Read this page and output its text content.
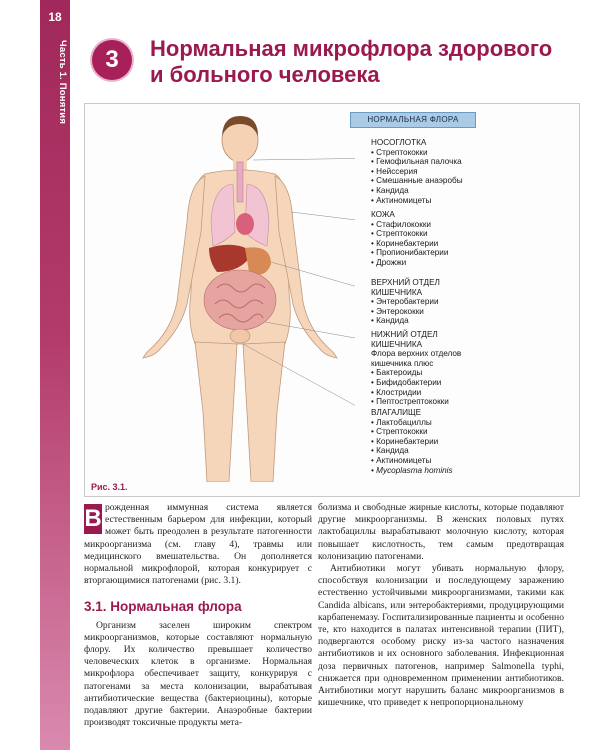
18
Часть 1. Понятия	3	Нормальная микрофлора здорового и больного человека
НОРМАЛЬНАЯ ФЛОРА
НОСОГЛОТКА
• Стрептококки
• Гемофильная палочка
• Нейссерия
• Смешанные анаэробы
• Кандида
• Актиномицеты
КОЖА
• Стафилококки
• Стрептококки
• Коринебактерии
• Пропионибактерии
• Дрожжи
ВЕРХНИЙ ОТДЕЛ КИШЕЧНИКА
• Энтеробактерии
• Энтерококки
• Кандида
НИЖНИЙ ОТДЕЛ КИШЕЧНИКА
Флора верхних отделов кишечника плюс
• Бактероиды
• Бифидобактерии
• Клостридии
• Пептострептококки
ВЛАГАЛИЩЕ
• Лактобациллы
• Стрептококки
• Коринебактерии
• Кандида
• Актиномицеты
• Mycoplasma hominis
Рис. 3.1.
В рожденная иммунная система является естественным барьером для инфекции, который может быть преодолен в результате патогенности микроорганизма (см. главу 4), травмы или медицинского вмешательства. Он дополняется нормальной микрофлорой, которая конкурирует с вторгающимися патогенами (рис. 3.1).

3.1. Нормальная флора

Организм заселен широким спектром микроорганизмов, которые составляют нормальную флору. Их количество превышает количество человеческих клеток в организме. Нормальная микрофлора обеспечивает защиту, конкурируя с патогенами за места колонизации, вырабатывая антибиотические вещества (бактериоцины), которые подавляют другие бактерии. Анаэробные бактерии производят токсичные продукты мета-

болизма и свободные жирные кислоты, которые подавляют другие микроорганизмы. В женских половых путях лактобациллы вырабатывают молочную кислоту, которая повышает кислотность, тем самым предотвращая колонизацию патогенами.

Антибиотики могут убивать нормальную флору, способствуя колонизации и последующему заражению естественно устойчивыми микроорганизмами, такими как Candida albicans, или энтеробактериями, продуцирующими карбапенемазу. Госпитализированные пациенты и особенно те, кто находится в палатах интенсивной терапии (ПИТ), подвергаются особому риску из-за частого назначения антибиотиков и их основного заболевания. Инфекционная доза первичных патогенов, например Salmonella typhi, снижается при одновременном применении антибиотиков. Антибиотики могут нарушить баланс микроорганизмов в кишечнике, что приведет к непропорциональному
